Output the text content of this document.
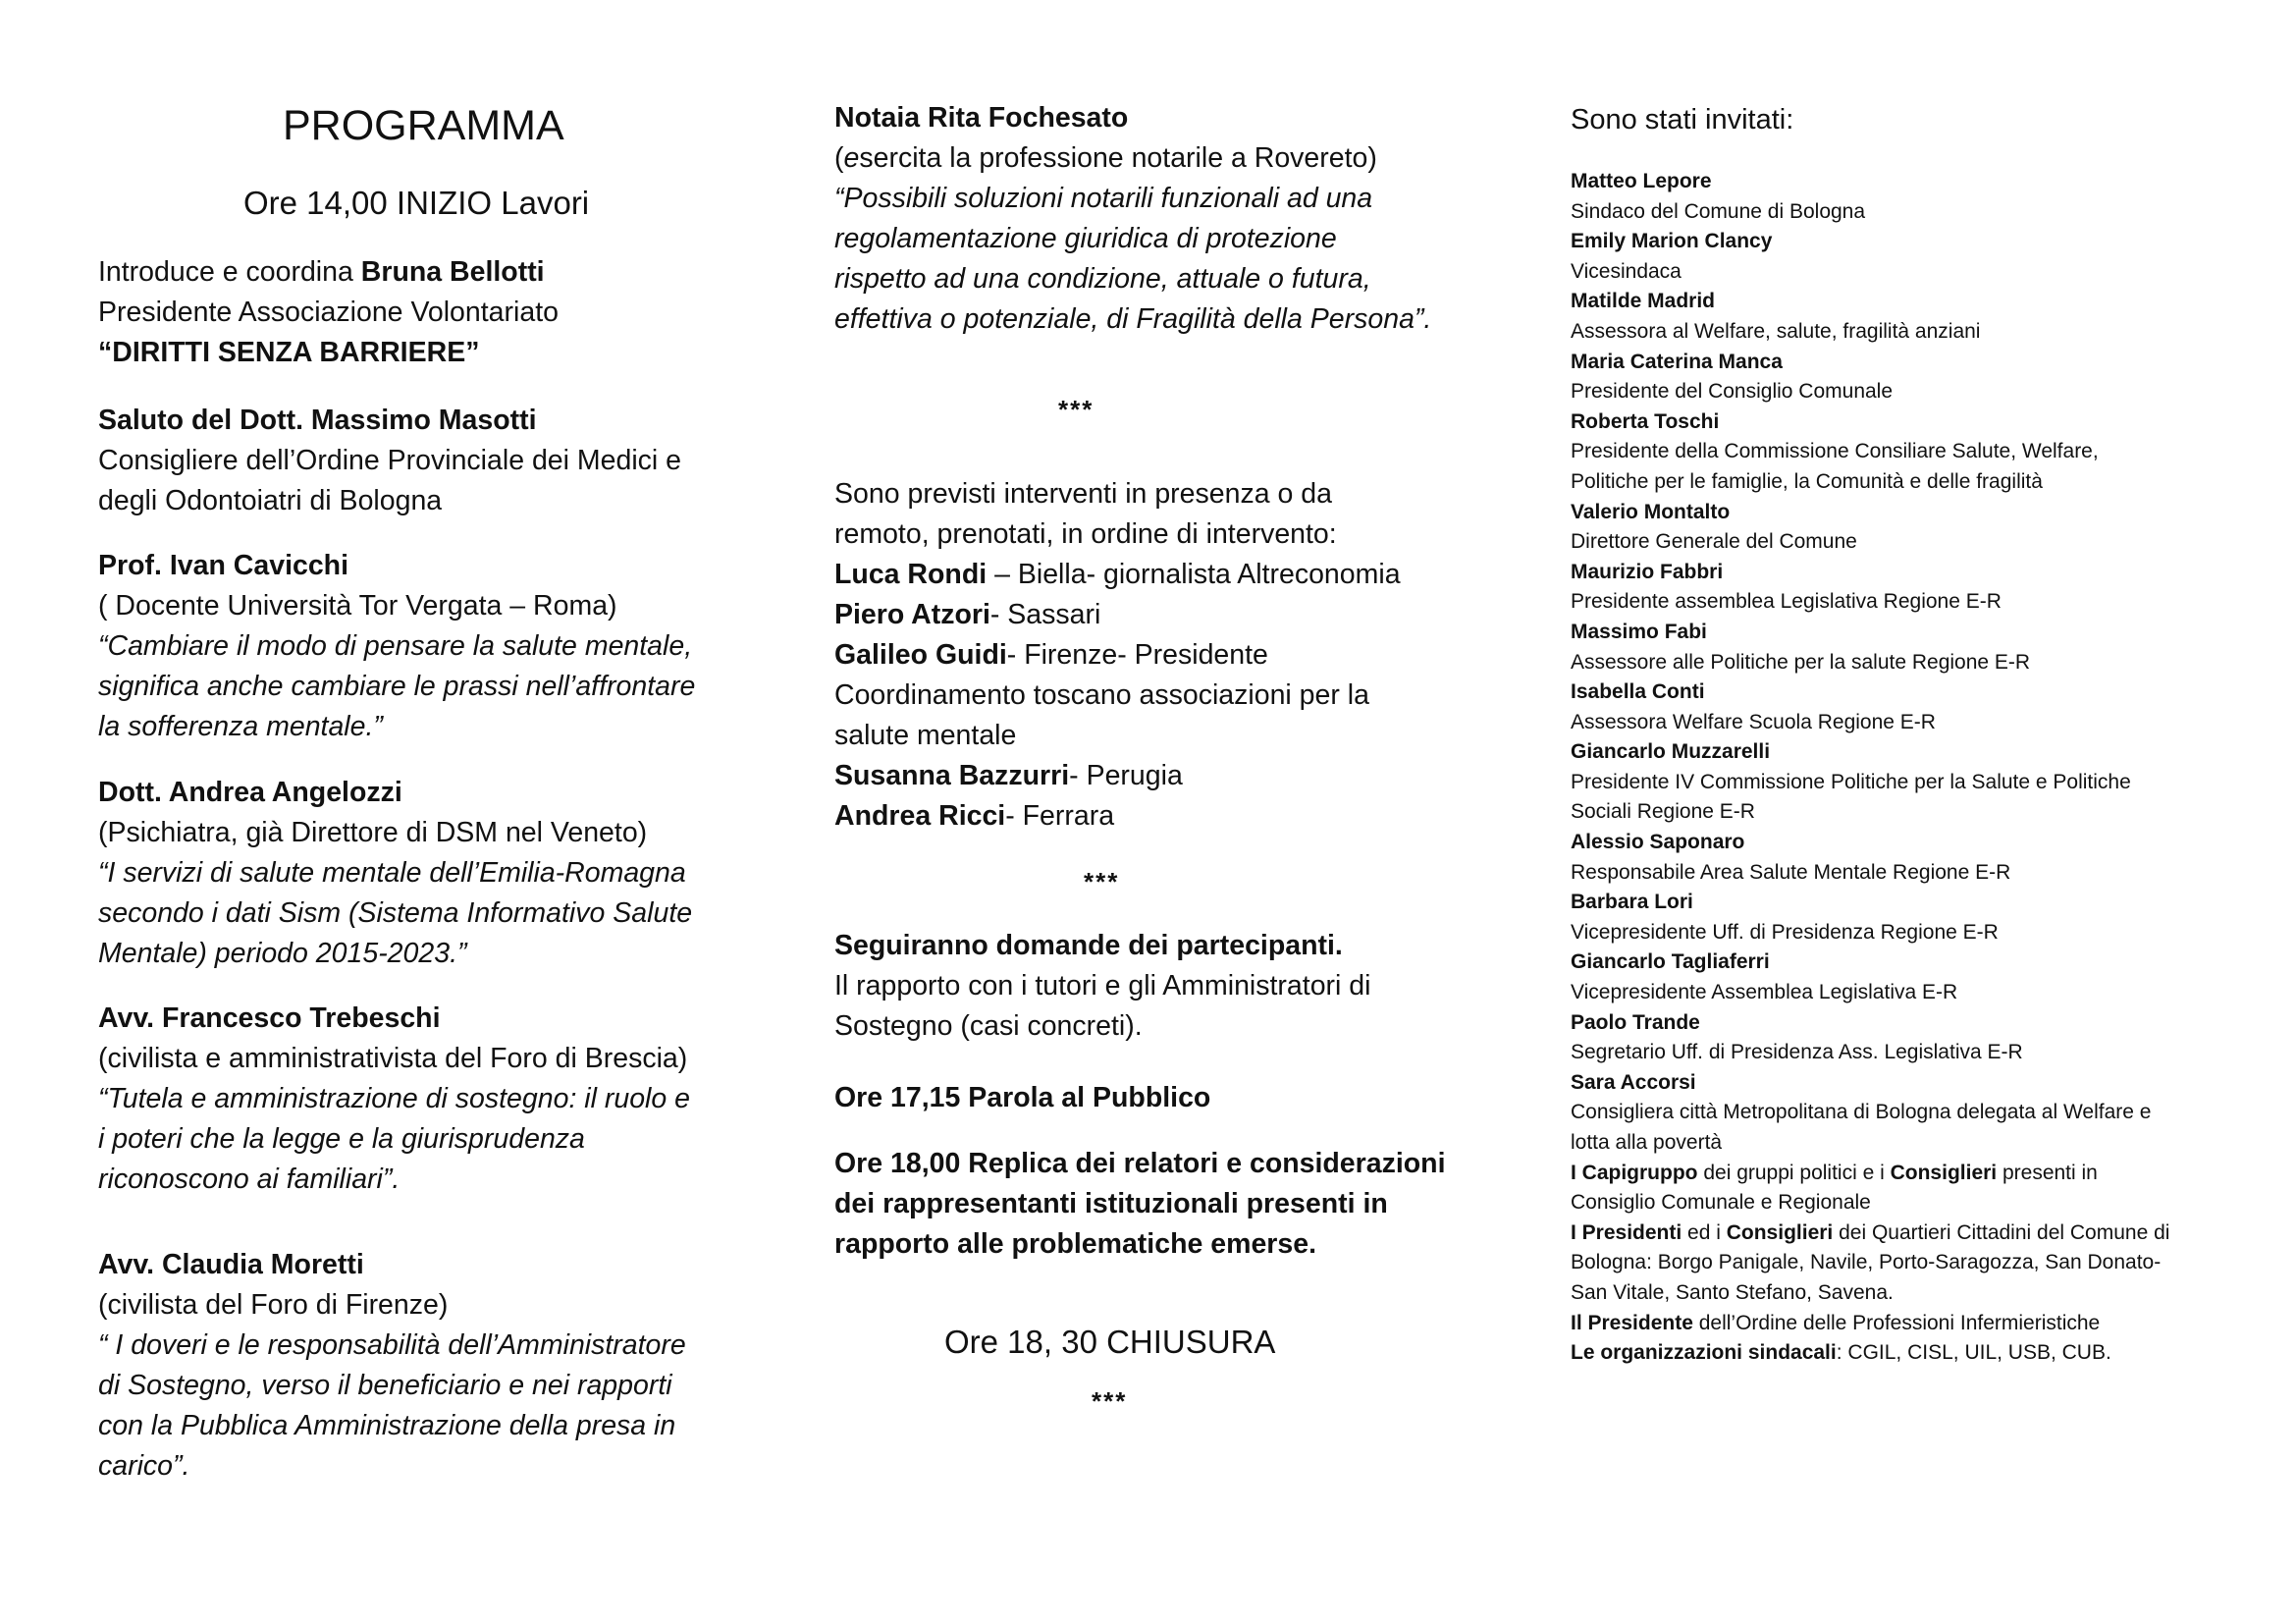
PROGRAMMA
Ore 14,00 INIZIO Lavori
Introduce e coordina Bruna Bellotti
Presidente Associazione Volontariato
“DIRITTI SENZA BARRIERE”
Saluto del Dott. Massimo Masotti
Consigliere dell’Ordine Provinciale dei Medici e
degli Odontoiatri di Bologna
Prof. Ivan Cavicchi
( Docente Università Tor Vergata – Roma)
“Cambiare il modo di pensare la salute mentale,
significa anche cambiare le prassi nell’affrontare
la sofferenza mentale.”
Dott. Andrea Angelozzi
(Psichiatra, già Direttore di DSM nel Veneto)
“I servizi di salute mentale dell’Emilia-Romagna
secondo i dati Sism (Sistema Informativo Salute
Mentale) periodo 2015-2023.”
Avv. Francesco Trebeschi
(civilista e amministrativista del Foro di Brescia)
“Tutela e amministrazione di sostegno: il ruolo e
i poteri che la legge e la giurisprudenza
riconoscono ai familiari”.
Avv. Claudia Moretti
(civilista del Foro di Firenze)
“ I doveri e le responsabilità dell’Amministratore
di Sostegno, verso il beneficiario e nei rapporti
con la Pubblica Amministrazione della presa in
carico”.
Notaia Rita Fochesato
(esercita la professione notarile a Rovereto)
“Possibili soluzioni notarili funzionali ad una
regolamentazione giuridica di protezione
rispetto ad una condizione, attuale o futura,
effettiva o potenziale, di Fragilità della Persona”.
***
Sono previsti interventi in presenza o da
remoto, prenotati, in ordine di intervento:
Luca Rondi – Biella- giornalista Altreconomia
Piero Atzori- Sassari
Galileo Guidi- Firenze- Presidente
Coordinamento toscano associazioni per la
salute mentale
Susanna Bazzurri- Perugia
Andrea Ricci- Ferrara
***
Seguiranno domande dei partecipanti.
Il rapporto con i tutori e gli Amministratori di
Sostegno (casi concreti).
Ore 17,15 Parola al Pubblico
Ore 18,00 Replica dei relatori e considerazioni
dei rappresentanti istituzionali presenti in
rapporto alle problematiche emerse.
Ore 18, 30 CHIUSURA
***
Sono stati invitati:
Matteo Lepore
Sindaco del Comune di Bologna
Emily Marion Clancy
Vicesindaca
Matilde Madrid
Assessora al Welfare, salute, fragilità anziani
Maria Caterina Manca
Presidente del Consiglio Comunale
Roberta Toschi
Presidente della Commissione Consiliare Salute, Welfare,
Politiche per le famiglie, la Comunità e delle fragilità
Valerio Montalto
Direttore Generale del Comune
Maurizio Fabbri
Presidente assemblea Legislativa Regione E-R
Massimo Fabi
Assessore alle Politiche per la salute Regione E-R
Isabella Conti
Assessora Welfare Scuola Regione E-R
Giancarlo Muzzarelli
Presidente IV Commissione Politiche per la Salute e Politiche
Sociali Regione E-R
Alessio Saponaro
Responsabile Area Salute Mentale Regione E-R
Barbara Lori
Vicepresidente Uff. di Presidenza Regione E-R
Giancarlo Tagliaferri
Vicepresidente Assemblea Legislativa E-R
Paolo Trande
Segretario Uff. di Presidenza Ass. Legislativa E-R
Sara Accorsi
Consigliera città Metropolitana di Bologna delegata al Welfare e
lotta alla povertà
I Capigruppo dei gruppi politici e i Consiglieri presenti in
Consiglio Comunale e Regionale
I Presidenti ed i Consiglieri dei Quartieri Cittadini del Comune di
Bologna: Borgo Panigale, Navile, Porto-Saragozza, San Donato-
San Vitale, Santo Stefano, Savena.
Il Presidente dell’Ordine delle Professioni Infermieristiche
Le organizzazioni sindacali: CGIL, CISL, UIL, USB, CUB.
